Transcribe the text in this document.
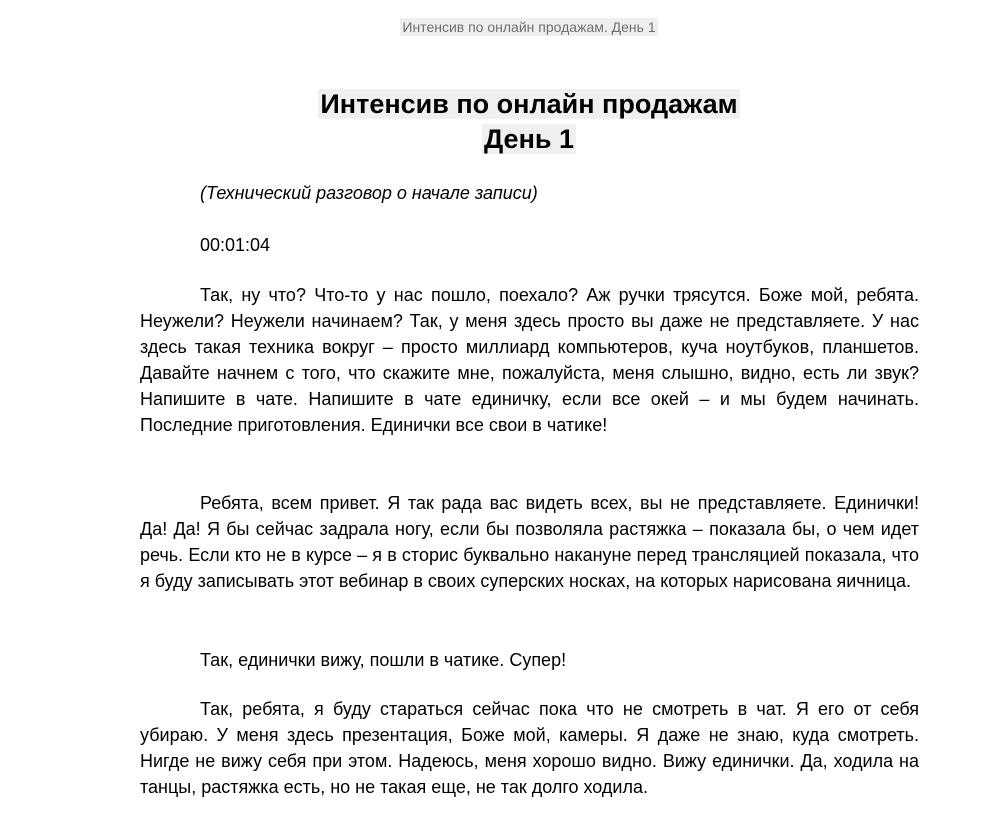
Интенсив по онлайн продажам. День 1
Интенсив по онлайн продажам
День 1
(Технический разговор о начале записи)
00:01:04

Так, ну что? Что-то у нас пошло, поехало? Аж ручки трясутся. Боже мой, ребята. Неужели? Неужели начинаем? Так, у меня здесь просто вы даже не представляете. У нас здесь такая техника вокруг – просто миллиард компьютеров, куча ноутбуков, планшетов. Давайте начнем с того, что скажите мне, пожалуйста, меня слышно, видно, есть ли звук? Напишите в чате. Напишите в чате единичку, если все окей – и мы будем начинать. Последние приготовления. Единички все свои в чатике!

Ребята, всем привет. Я так рада вас видеть всех, вы не представляете. Единички! Да! Да! Я бы сейчас задрала ногу, если бы позволяла растяжка – показала бы, о чем идет речь. Если кто не в курсе – я в сторис буквально накануне перед трансляцией показала, что я буду записывать этот вебинар в своих суперских носках, на которых нарисована яичница.

Так, единички вижу, пошли в чатике. Супер!

Так, ребята, я буду стараться сейчас пока что не смотреть в чат. Я его от себя убираю. У меня здесь презентация, Боже мой, камеры. Я даже не знаю, куда смотреть. Нигде не вижу себя при этом. Надеюсь, меня хорошо видно. Вижу единички. Да, ходила на танцы, растяжка есть, но не такая еще, не так долго ходила.
